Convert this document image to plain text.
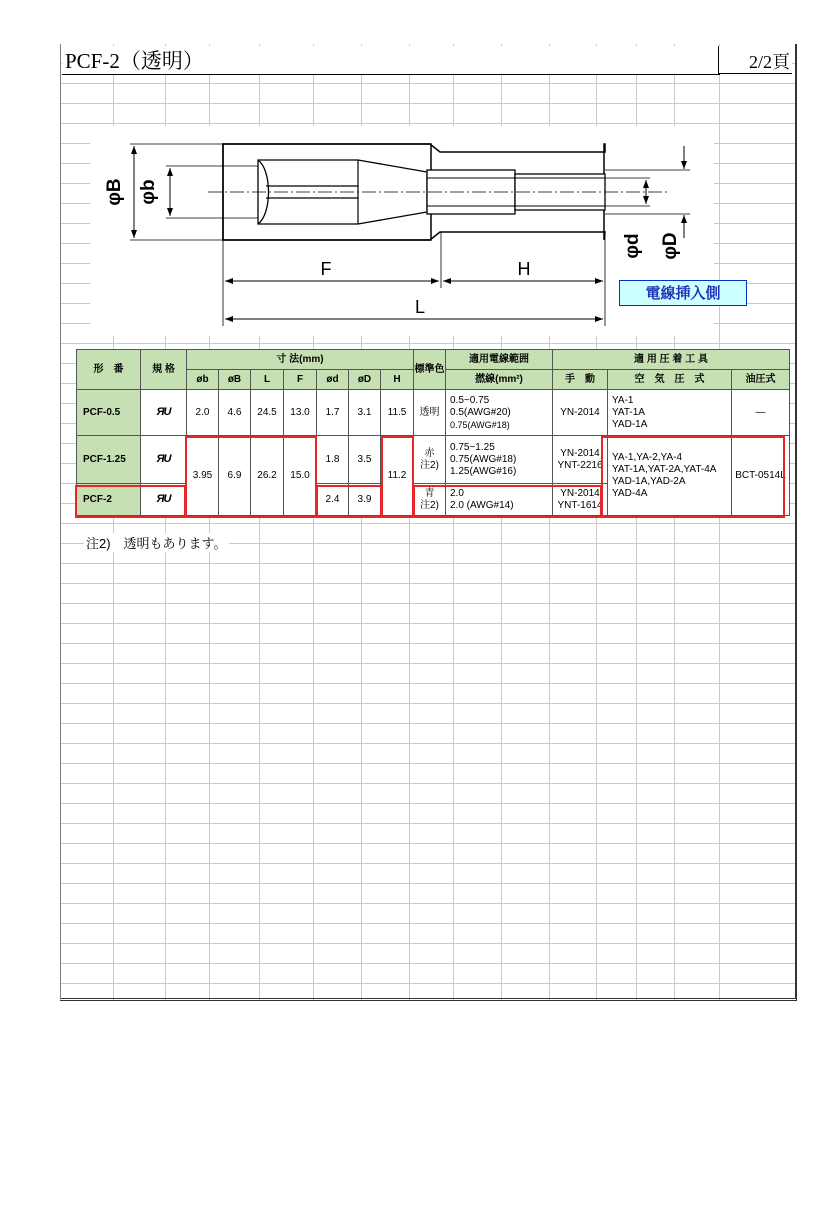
PCF-2（透明）	2/2頁
φB φb
φd φD
F	H
L
電線挿入側
形　番	規 格	寸 法(mm)							標準色	適用電線範囲	適 用 圧 着 工 具		
		øb	øB	L	F	ød	øD	H		撚線(mm²)	手　動	空　気　圧　式	油圧式
PCF-0.5	ЯU	2.0	4.6	24.5	13.0	1.7	3.1	11.5	透明	0.5~0.75
0.5(AWG#20)
0.75(AWG#18)	YN-2014	YA-1
YAT-1A
YAD-1A	—
PCF-1.25	ЯU	3.95	6.9	26.2	15.0	1.8	3.5	11.2	赤
注2)	0.75~1.25
0.75(AWG#18)
1.25(AWG#16)	YN-2014
YNT-2216	YA-1,YA-2,YA-4
YAT-1A,YAT-2A,YAT-4A
YAD-1A,YAD-2A
YAD-4A	BCT-0514L
PCF-2	ЯU					2.4	3.9		青
注2)	2.0
2.0 (AWG#14)	YN-2014
YNT-1614		
注2)　透明もあります。
